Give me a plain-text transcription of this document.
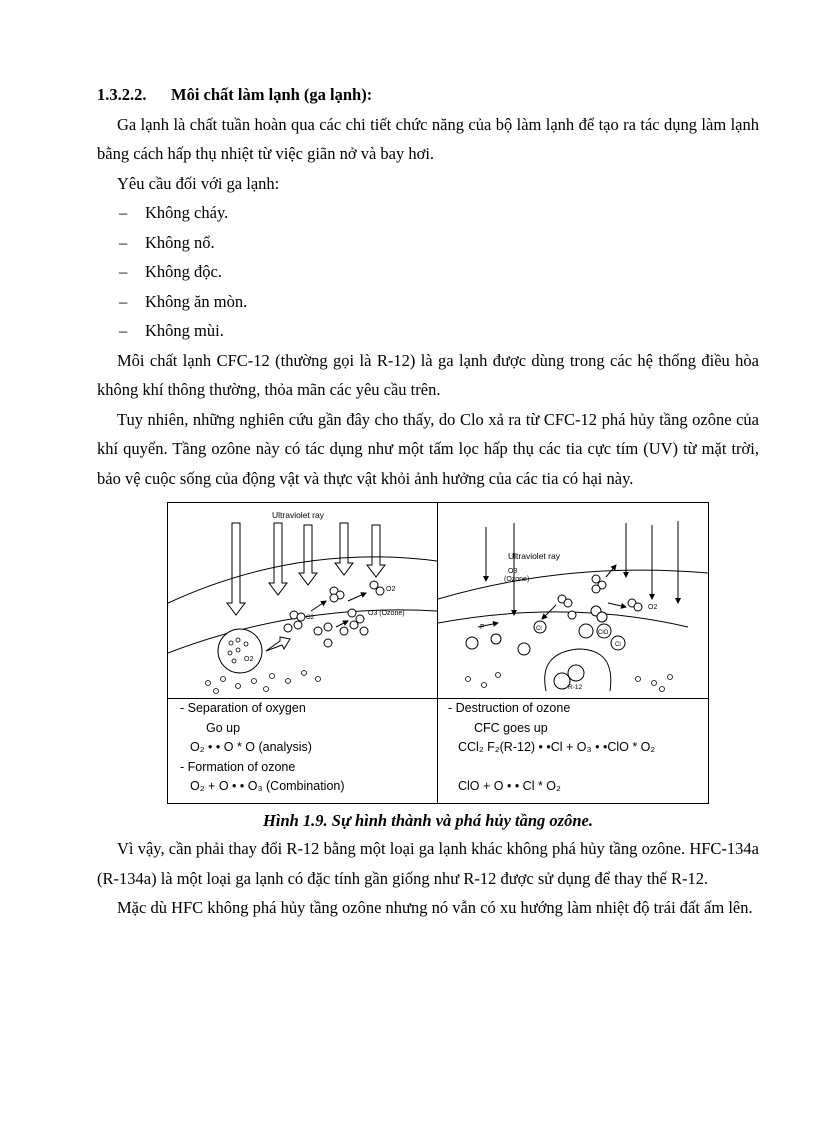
1.3.2.2. Môi chất làm lạnh (ga lạnh):

Ga lạnh là chất tuần hoàn qua các chi tiết chức năng của bộ làm lạnh để tạo ra tác dụng làm lạnh bằng cách hấp thụ nhiệt từ việc giãn nở và bay hơi.

Yêu cầu đối với ga lạnh:

– Không cháy.
– Không nổ.
– Không độc.
– Không ăn mòn.
– Không mùi.

Môi chất lạnh CFC-12 (thường gọi là R-12) là ga lạnh được dùng trong các hệ thống điều hòa không khí thông thường, thỏa mãn các yêu cầu trên.

Tuy nhiên, những nghiên cứu gần đây cho thấy, do Clo xả ra từ CFC-12 phá hủy tầng ozône của khí quyển. Tầng ozône này có tác dụng như một tấm lọc hấp thụ các tia cực tím (UV) từ mặt trời, bảo vệ cuộc sống của động vật và thực vật khỏi ảnh hưởng của các tia có hại này.

Ultraviolet ray
O2
O3 (Ozone)
O2
O2
Ultraviolet ray
O3
(Ozone)
O2
F	Cl
ClO
Cl
R-12
- Separation of oxygen
Go up
O₂ • • O * O (analysis)
- Formation of ozone
O₂ + O • • O₃ (Combination)
- Destruction of ozone
CFC goes up
CCl₂ F₂(R-12) • •Cl + O₃ • •ClO * O₂
ClO + O • • Cl * O₂
Hình 1.9. Sự hình thành và phá hủy tầng ozône.

Vì vậy, cần phải thay đổi R-12 bằng một loại ga lạnh khác không phá hủy tầng ozône. HFC-134a (R-134a) là một loại ga lạnh có đặc tính gần giống như R-12 được sử dụng để thay thế R-12.

Mặc dù HFC không phá hủy tầng ozône nhưng nó vẫn có xu hướng làm nhiệt độ trái đất ấm lên.
